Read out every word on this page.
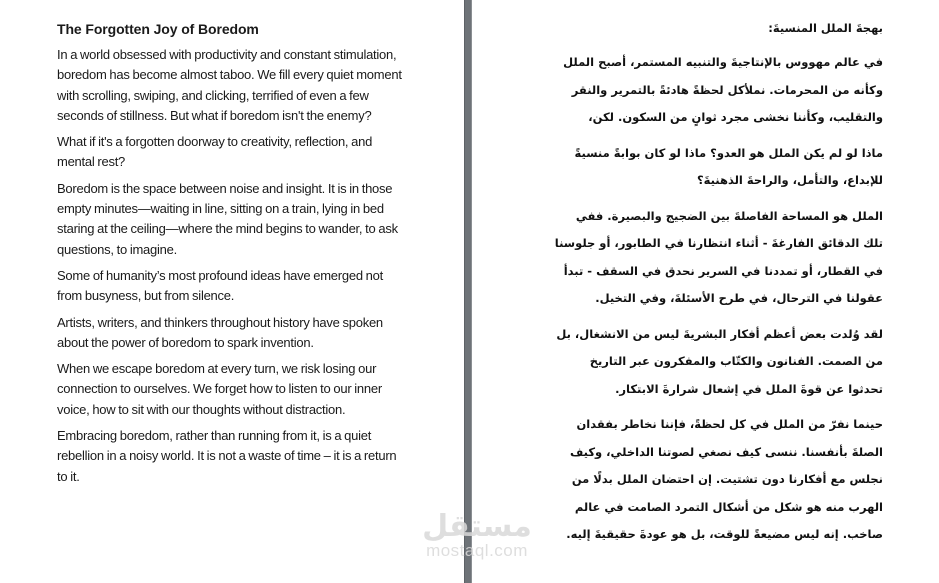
The Forgotten Joy of Boredom

In a world obsessed with productivity and constant stimulation, boredom has become almost taboo. We fill every quiet moment with scrolling, swiping, and clicking, terrified of even a few seconds of stillness. But what if boredom isn't the enemy?

What if it's a forgotten doorway to creativity, reflection, and mental rest?

Boredom is the space between noise and insight. It is in those empty minutes—waiting in line, sitting on a train, lying in bed staring at the ceiling—where the mind begins to wander, to ask questions, to imagine.

Some of humanity’s most profound ideas have emerged not from busyness, but from silence.

Artists, writers, and thinkers throughout history have spoken about the power of boredom to spark invention.

When we escape boredom at every turn, we risk losing our connection to ourselves. We forget how to listen to our inner voice, how to sit with our thoughts without distraction.

Embracing boredom, rather than running from it, is a quiet rebellion in a noisy world. It is not a waste of time – it is a return to it.

بهجةَ الملل المنسيةَ:

في عالم مهووس بالإنتاجيةَ والتنبيه المستمر، أصبح الملل وكأنه من المحرمات. نملأكل لحظةً هادئةً بالتمرير والنقر والتقليب، وكأننا نخشى مجرد ثوانٍ من السكون. لكن،

ماذا لو لم يكن الملل هو العدو؟ ماذا لو كان بوابةً منسيةً للإبداع، والتأمل، والراحةَ الذهنيةَ؟

الملل هو المساحة الفاصلةَ بين الضجيج والبصيرة. ففي تلك الدقائق الفارغةَ - أثناء انتظارنا في الطابور، أو جلوسنا في القطار، أو تمددنا في السرير نحدق في السقف - تبدأ عقولنا في الترحال، في طرح الأسئلةَ، وفي التخيل.

لقد وُلدت بعض أعظم أفكار البشريةَ ليس من الانشغال، بل من الصمت. الفنانون والكتّاب والمفكرون عبر التاريخ تحدثوا عن قوةَ الملل في إشعال شرارةَ الابتكار.

حينما نفرّ من الملل في كل لحظةً، فإننا نخاطر بفقدان الصلةَ بأنفسنا. ننسى كيف نصغي لصوتنا الداخلي، وكيف نجلس مع أفكارنا دون تشتيت. إن احتضان الملل بدلًا من الهرب منه هو شكل من أشكال التمرد الصامت في عالم صاخب. إنه ليس مضيعةً للوقت، بل هو عودةَ حقيقيةَ إليه.

مستقل
mostaql.com
